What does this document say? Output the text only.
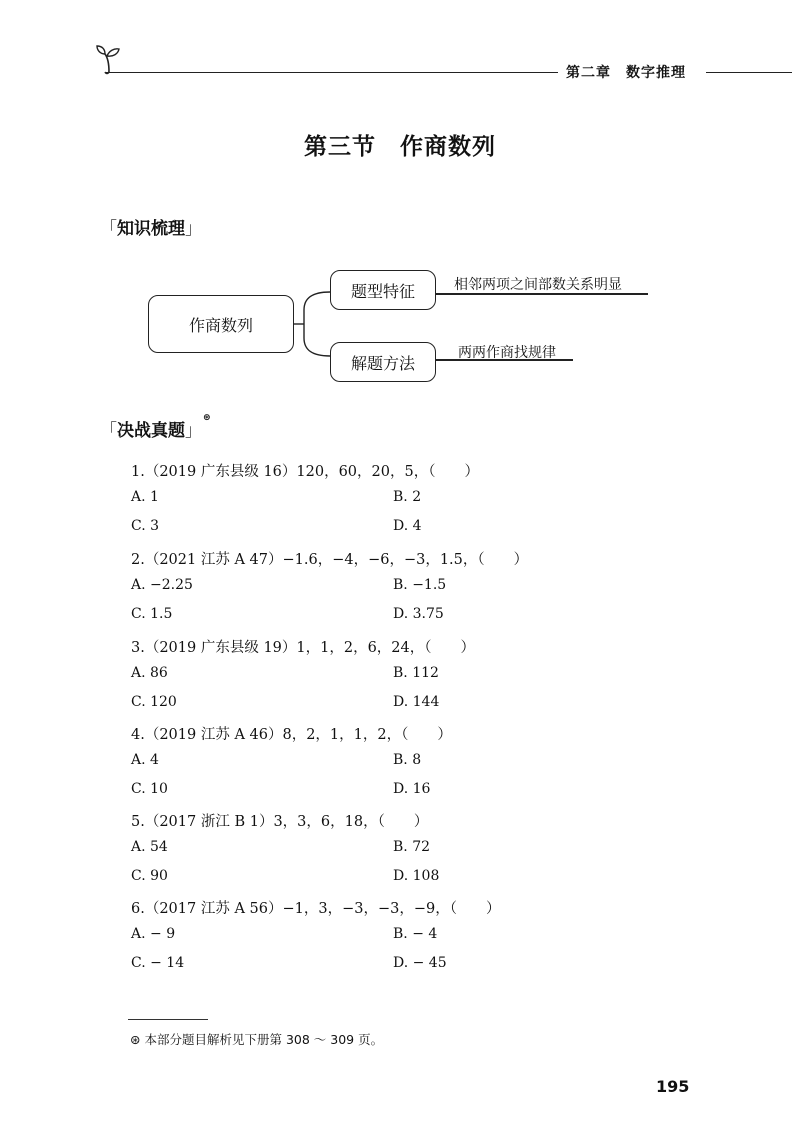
第二章　数字推理
第三节　作商数列
「 知识梳理 」
作商数列
题型特征	相邻两项之间部数关系明显
解题方法
两两作商找规律
「 决战真题 」
⊛
1.（2019 广东县级 16）120，60，20，5，（　　）
A. 1	B. 2
C. 3	D. 4
2.（2021 江苏 A 47）−1.6，−4，−6，−3，1.5，（　　）
A. −2.25	B. −1.5
C. 1.5	D. 3.75
3.（2019 广东县级 19）1，1，2，6，24，（　　）
A. 86	B. 112
C. 120	D. 144
4.（2019 江苏 A 46）8，2，1，1，2，（　　）
A. 4	B. 8
C. 10	D. 16
5.（2017 浙江 B 1）3，3，6，18，（　　）
A. 54	B. 72
C. 90	D. 108
6.（2017 江苏 A 56）−1，3，−3，−3，−9，（　　）
A. − 9	B. − 4
C. − 14	D. − 45
⊛ 本部分题目解析见下册第 308 ～ 309 页。
195
